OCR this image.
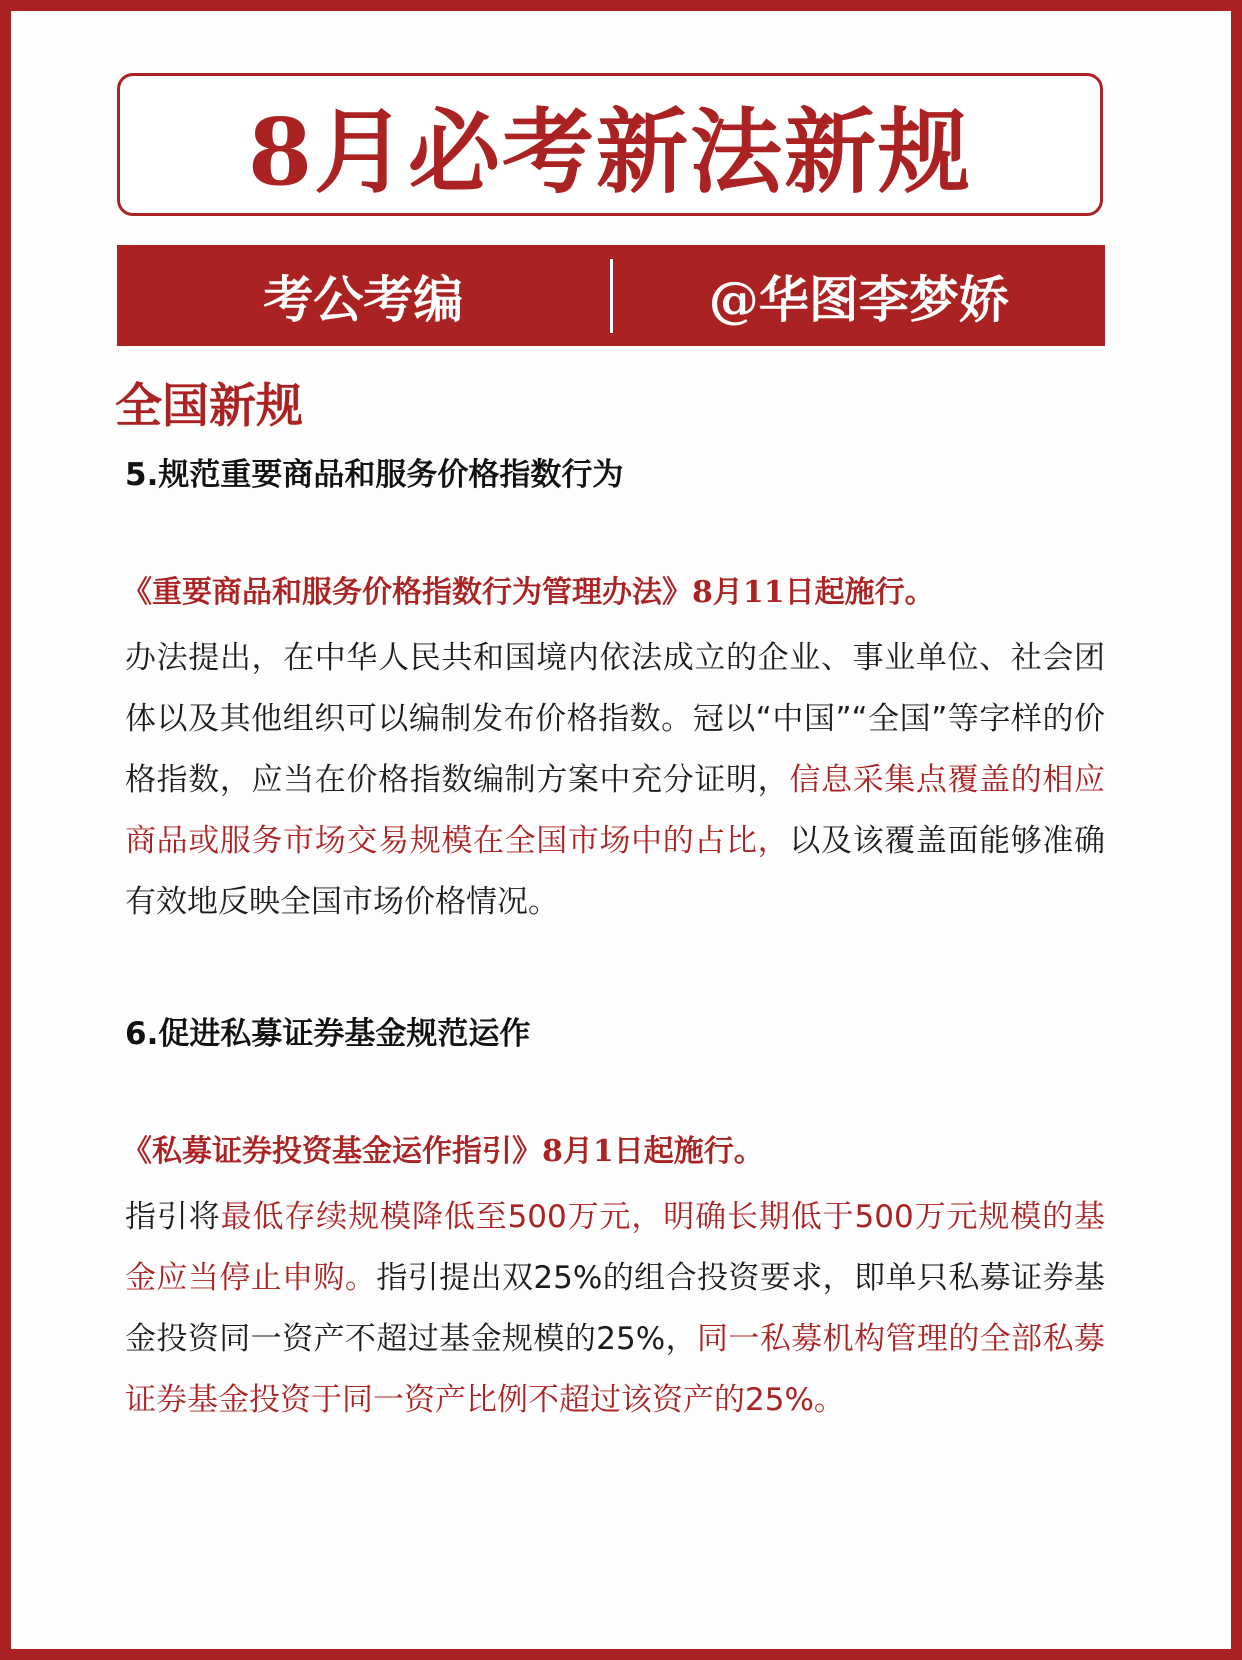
8月必考新法新规
考公考编	@华图李梦娇
全国新规
5.规范重要商品和服务价格指数行为
《重要商品和服务价格指数行为管理办法》8月11日起施行。

办法提出，在中华人民共和国境内依法成立的企业、事业单位、社会团体以及其他组织可以编制发布价格指数。冠以“中国”“全国”等字样的价格指数，应当在价格指数编制方案中充分证明，信息采集点覆盖的相应商品或服务市场交易规模在全国市场中的占比，以及该覆盖面能够准确有效地反映全国市场价格情况。

6.促进私募证券基金规范运作
《私募证券投资基金运作指引》8月1日起施行。

指引将最低存续规模降低至500万元，明确长期低于500万元规模的基金应当停止申购。指引提出双25%的组合投资要求，即单只私募证券基金投资同一资产不超过基金规模的25%，同一私募机构管理的全部私募证券基金投资于同一资产比例不超过该资产的25%。
